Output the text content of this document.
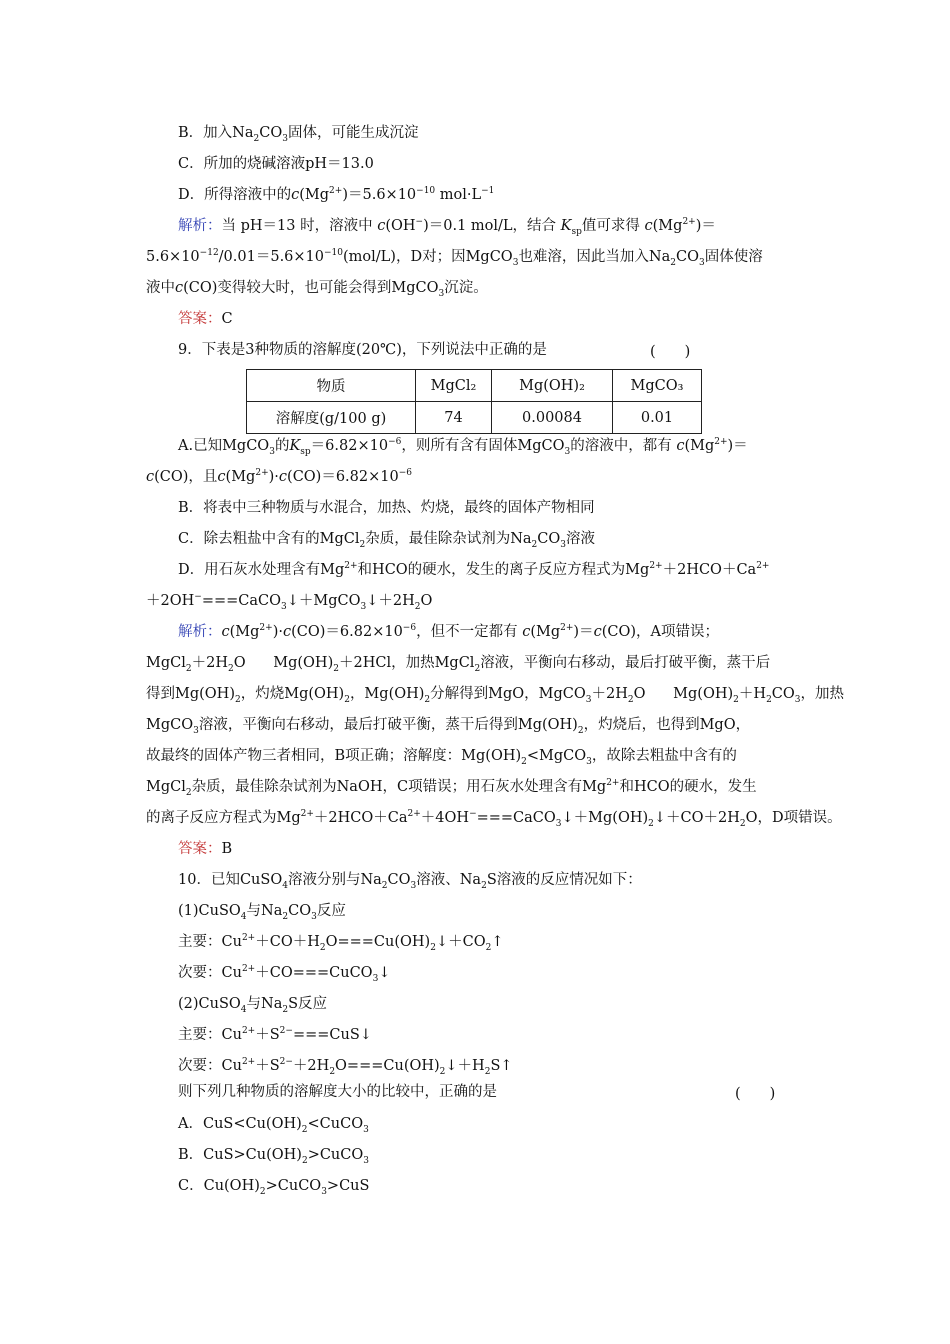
B．加入$Na_2CO_3$固体，可能生成沉淀
C．所加的烧碱溶液pH＝13.0
D．所得溶液中的$c(Mg^{2+})=5.6\times 10^{-10}$ $mol\cdot L^{-1}$
解析：当 pH＝13 时，溶液中 c(OH−)＝0.1 mol/L，结合 $K_{sp}$值可求得 $c(Mg^{2+})=$
$5.6\times 10^{-12}/0.01=5.6\times 10^{-10}(mol/L)$，D对；因MgCO$_3$也难溶，因此当加入$Na_2CO_3$固体使溶
液中c(CO)变得较大时，也可能会得到MgCO$_3$沉淀。
答案：C
9．下表是3种物质的溶解度(20℃)，下列说法中正确的是
A.已知MgCO$_3$的$K_{sp}=6.82\times 10^{-6}$，则所有含有固体MgCO$_3$的溶液中，都有 $c(Mg^{2+})=$
c(CO)，且$c(Mg^{2+})\cdot c(CO)=6.82\times 10^{-6}$
B．将表中三种物质与水混合，加热、灼烧，最终的固体产物相同
C．除去粗盐中含有的MgCl$_2$杂质，最佳除杂试剂为$Na_2CO_3$溶液
D．用石灰水处理含有$Mg^{2+}$和HCO的硬水，发生的离子反应方程式为$Mg^{2+}+2HCO+Ca^{2+}$
$+2OH^-===CaCO_3↓+MgCO_3↓+2H_2O$
解析：$c(Mg^{2+})\cdot c(CO)=6.82\times 10^{-6}$，但不一定都有 $c(Mg^{2+})=c(CO)$，A项错误；
$MgCl_2+2H_2O$      $Mg(OH)_2+2HCl$，加热MgCl$_2$溶液，平衡向右移动，最后打破平衡，蒸干后
得到$Mg(OH)_2$，灼烧$Mg(OH)_2$，$Mg(OH)_2$分解得到MgO，$MgCO_3+2H_2O$      $Mg(OH)_2+H_2CO_3$，加热
MgCO$_3$溶液，平衡向右移动，最后打破平衡，蒸干后得到$Mg(OH)_2$，灼烧后，也得到MgO，
故最终的固体产物三者相同，B项正确；溶解度：$Mg(OH)_2<MgCO_3$，故除去粗盐中含有的
MgCl$_2$杂质，最佳除杂试剂为NaOH，C项错误；用石灰水处理含有$Mg^{2+}$和HCO的硬水，发生
的离子反应方程式为$Mg^{2+}+2HCO+Ca^{2+}+4OH^-===CaCO_3↓+Mg(OH)_2↓+CO+2H_2O$，D项错误。
答案：B
10．已知CuSO$_4$溶液分别与$Na_2CO_3$溶液、$Na_2S$溶液的反应情况如下：
(1)CuSO$_4$与$Na_2CO_3$反应
主要：$Cu^{2+}+CO+H_2O===Cu(OH)_2↓+CO_2↑$
次要：$Cu^{2+}+CO===CuCO_3↓$
(2)CuSO$_4$与$Na_2S$反应
主要：$Cu^{2+}+S^{2-}===CuS↓$
次要：$Cu^{2+}+S^{2-}+2H_2O===Cu(OH)_2↓+H_2S↑$
则下列几种物质的溶解度大小的比较中，正确的是
A．$CuS<Cu(OH)_2<CuCO_3$
B．$CuS>Cu(OH)_2>CuCO_3$
C．$Cu(OH)_2>CuCO_3>CuS$
(　　)
(　　)
物质	MgCl₂	Mg(OH)₂	MgCO₃
溶解度(g/100 g)	74	0.00084	0.01
